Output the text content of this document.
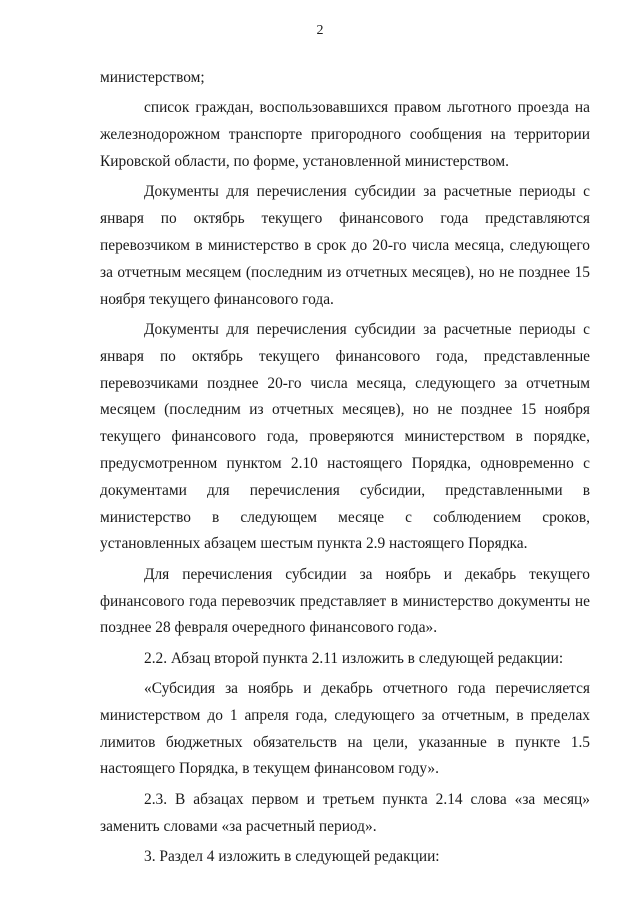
2

министерством;

список граждан, воспользовавшихся правом льготного проезда на железнодорожном транспорте пригородного сообщения на территории Кировской области, по форме, установленной министерством.

Документы для перечисления субсидии за расчетные периоды с января по октябрь текущего финансового года представляются перевозчиком в министерство в срок до 20-го числа месяца, следующего за отчетным месяцем (последним из отчетных месяцев), но не позднее 15 ноября текущего финансового года.

Документы для перечисления субсидии за расчетные периоды с января по октябрь текущего финансового года, представленные перевозчиками позднее 20-го числа месяца, следующего за отчетным месяцем (последним из отчетных месяцев), но не позднее 15 ноября текущего финансового года, проверяются министерством в порядке, предусмотренном пунктом 2.10 настоящего Порядка, одновременно с документами для перечисления субсидии, представленными в министерство в следующем месяце с соблюдением сроков, установленных абзацем шестым пункта 2.9 настоящего Порядка.

Для перечисления субсидии за ноябрь и декабрь текущего финансового года перевозчик представляет в министерство документы не позднее 28 февраля очередного финансового года».

2.2. Абзац второй пункта 2.11 изложить в следующей редакции:

«Субсидия за ноябрь и декабрь отчетного года перечисляется министерством до 1 апреля года, следующего за отчетным, в пределах лимитов бюджетных обязательств на цели, указанные в пункте 1.5 настоящего Порядка, в текущем финансовом году».

2.3. В абзацах первом и третьем пункта 2.14 слова «за месяц» заменить словами «за расчетный период».

3. Раздел 4 изложить в следующей редакции:
